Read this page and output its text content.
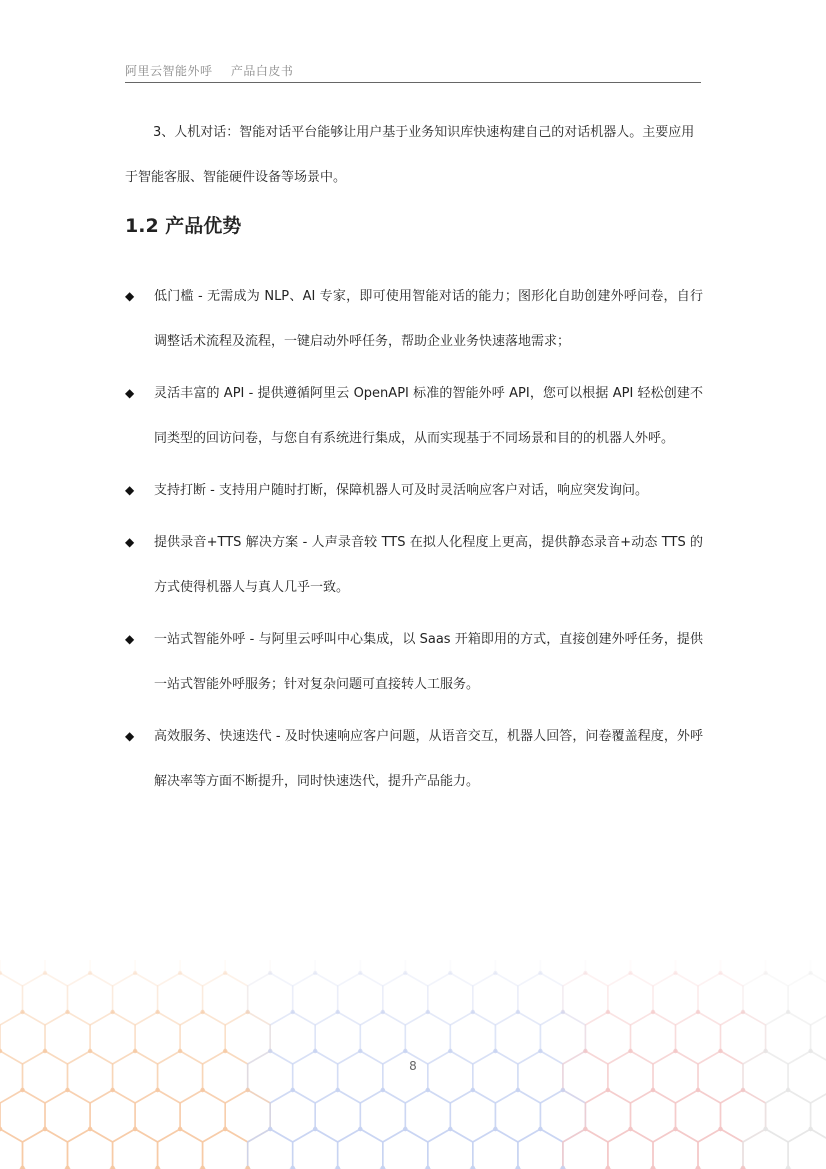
阿里云智能外呼 产品白皮书

3、人机对话：智能对话平台能够让用户基于业务知识库快速构建自己的对话机器人。主要应用于智能客服、智能硬件设备等场景中。

1.2 产品优势
◆ 低门槛 - 无需成为 NLP、AI 专家，即可使用智能对话的能力；图形化自助创建外呼问卷，自行调整话术流程及流程，一键启动外呼任务，帮助企业业务快速落地需求；
◆ 灵活丰富的 API - 提供遵循阿里云 OpenAPI 标准的智能外呼 API，您可以根据 API 轻松创建不同类型的回访问卷，与您自有系统进行集成，从而实现基于不同场景和目的的机器人外呼。
◆ 支持打断 - 支持用户随时打断，保障机器人可及时灵活响应客户对话，响应突发询问。
◆ 提供录音+TTS 解决方案 - 人声录音较 TTS 在拟人化程度上更高，提供静态录音+动态 TTS 的方式使得机器人与真人几乎一致。
◆ 一站式智能外呼 - 与阿里云呼叫中心集成，以 Saas 开箱即用的方式，直接创建外呼任务，提供一站式智能外呼服务；针对复杂问题可直接转人工服务。
◆ 高效服务、快速迭代 - 及时快速响应客户问题，从语音交互，机器人回答，问卷覆盖程度，外呼解决率等方面不断提升，同时快速迭代，提升产品能力。
8
